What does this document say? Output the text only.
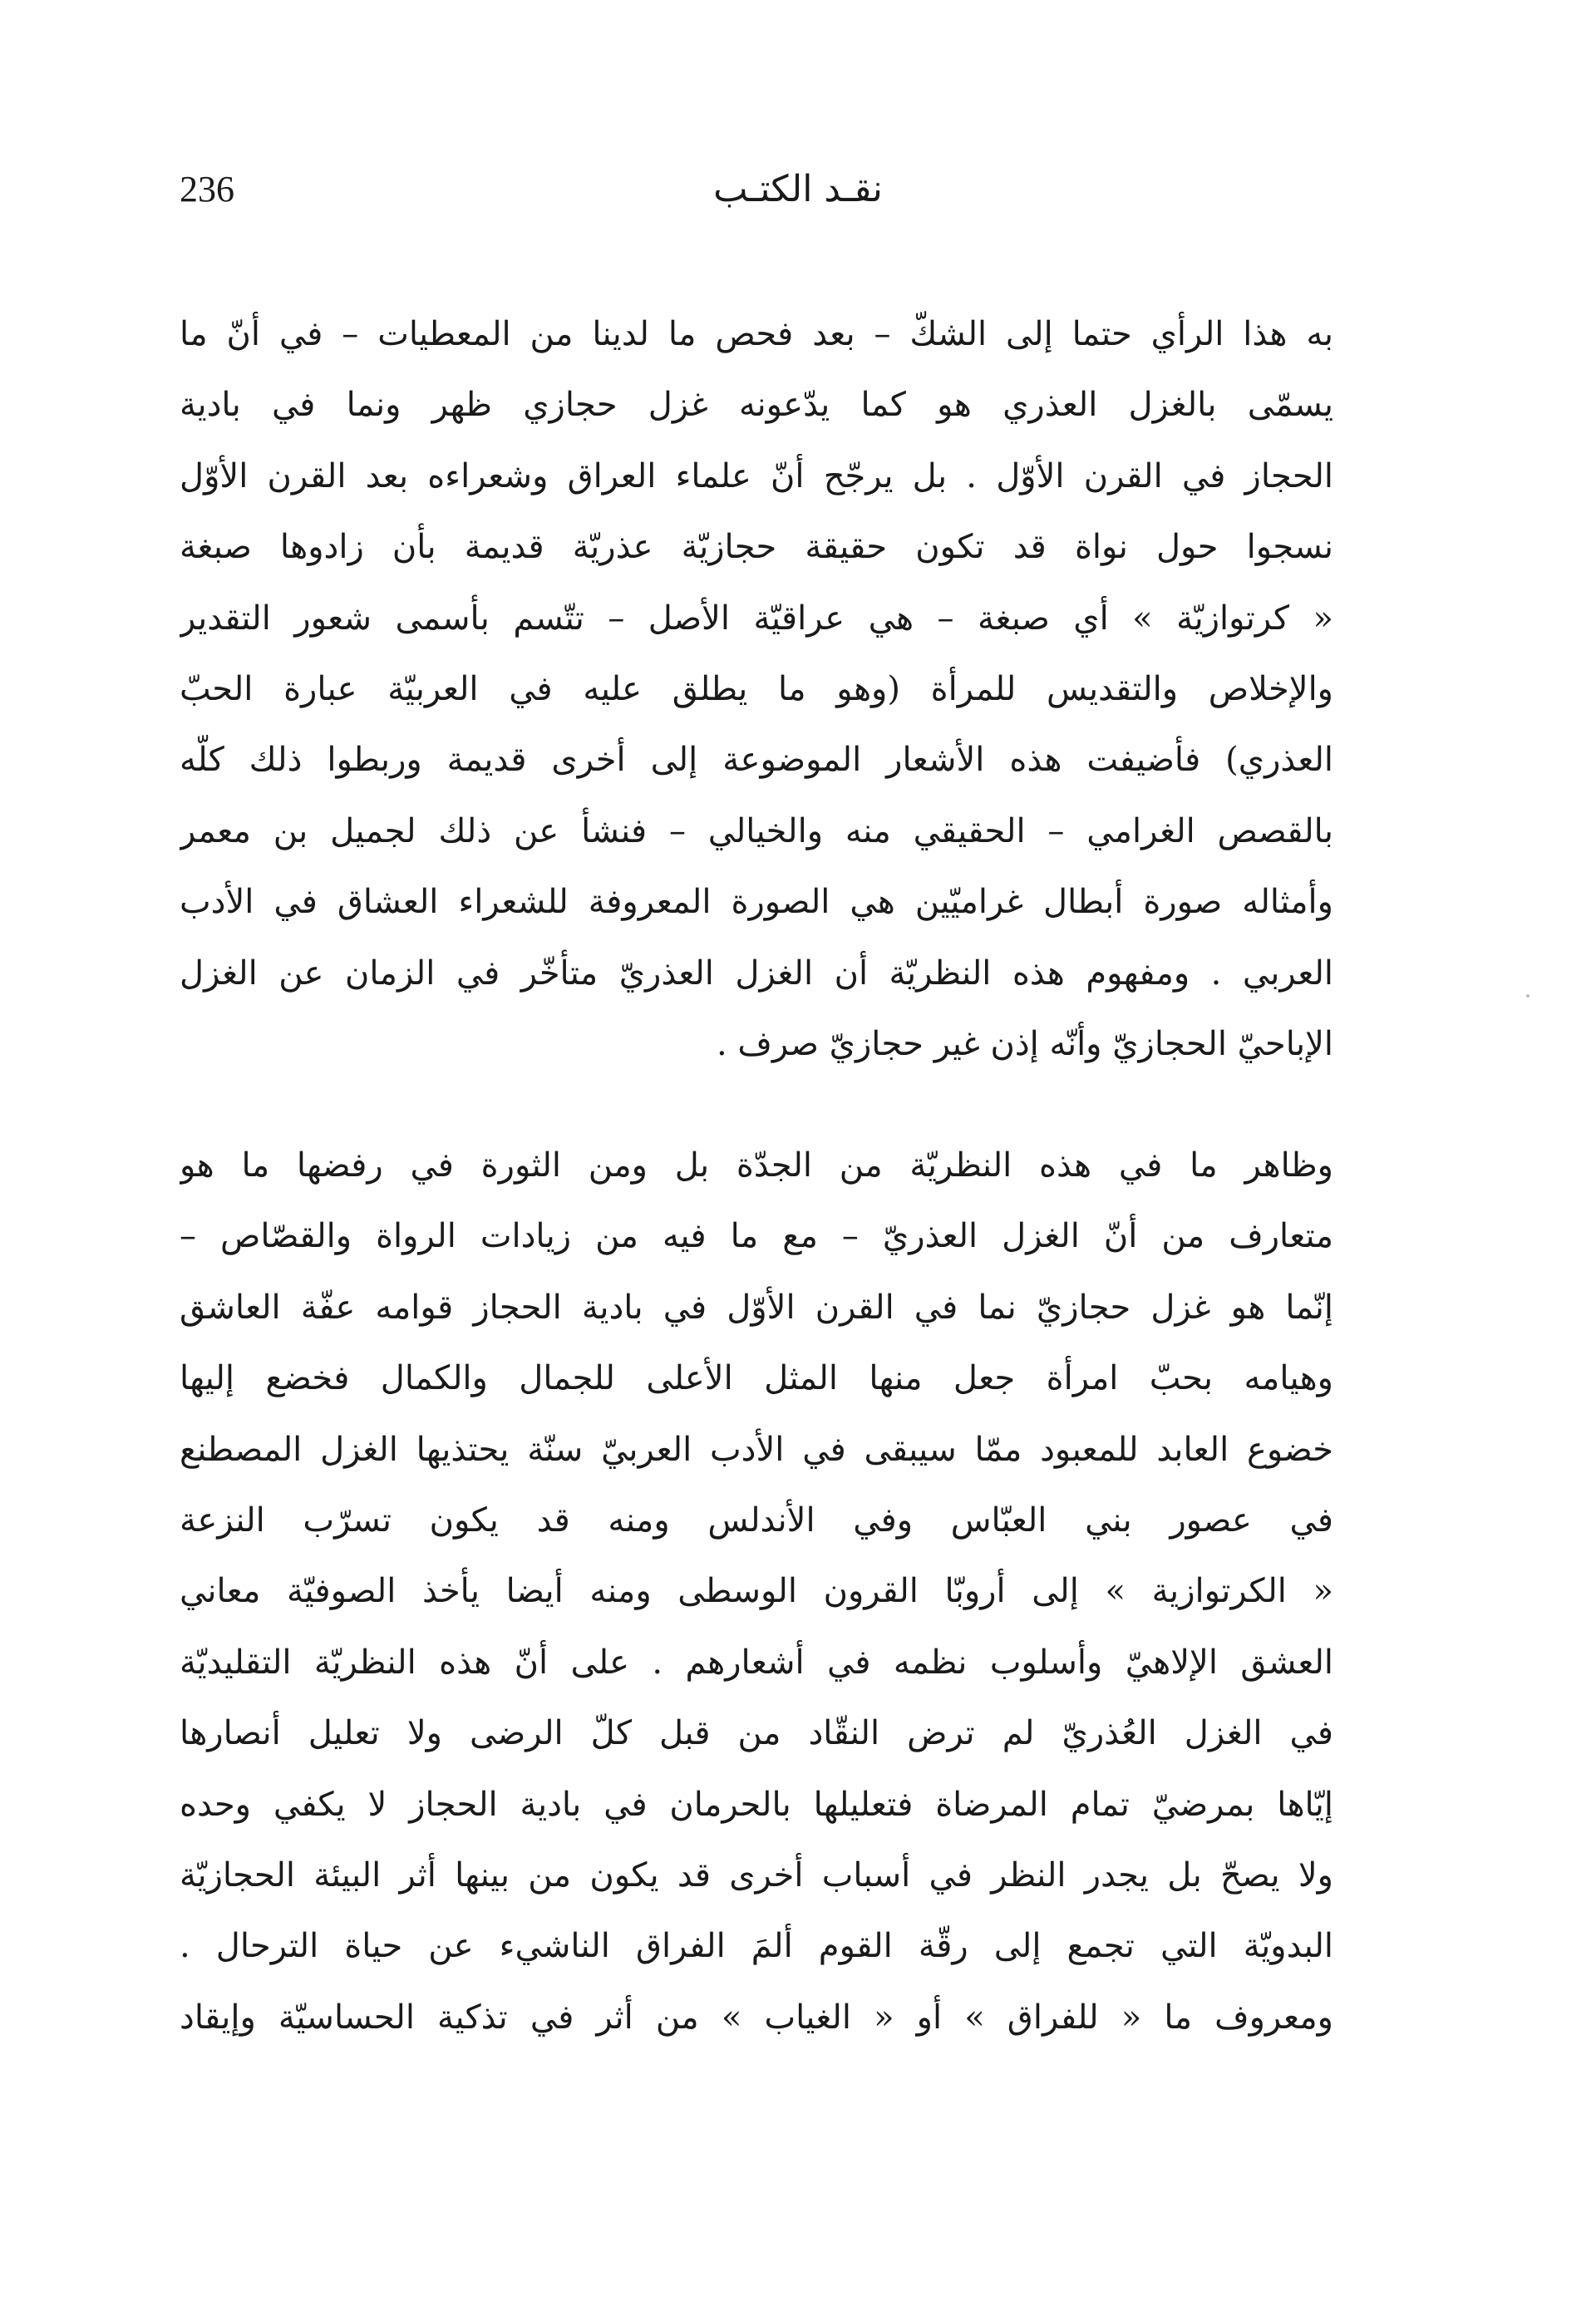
236	نقـد الكتـب
به هذا الرأي حتما إلى الشكّ – بعد فحص ما لدينا من المعطيات – في أنّ ما
يسمّى بالغزل العذري هو كما يدّعونه غزل حجازي ظهر ونما في بادية
الحجاز في القرن الأوّل . بل يرجّح أنّ علماء العراق وشعراءه بعد القرن الأوّل
نسجوا حول نواة قد تكون حقيقة حجازيّة عذريّة قديمة بأن زادوها صبغة
« كرتوازيّة » أي صبغة – هي عراقيّة الأصل – تتّسم بأسمى شعور التقدير
والإخلاص والتقديس للمرأة (وهو ما يطلق عليه في العربيّة عبارة الحبّ
العذري) فأضيفت هذه الأشعار الموضوعة إلى أخرى قديمة وربطوا ذلك كلّه
بالقصص الغرامي – الحقيقي منه والخيالي – فنشأ عن ذلك لجميل بن معمر
وأمثاله صورة أبطال غراميّين هي الصورة المعروفة للشعراء العشاق في الأدب
العربي . ومفهوم هذه النظريّة أن الغزل العذريّ متأخّر في الزمان عن الغزل
الإباحيّ الحجازيّ وأنّه إذن غير حجازيّ صرف .
وظاهر ما في هذه النظريّة من الجدّة بل ومن الثورة في رفضها ما هو
متعارف من أنّ الغزل العذريّ – مع ما فيه من زيادات الرواة والقصّاص –
إنّما هو غزل حجازيّ نما في القرن الأوّل في بادية الحجاز قوامه عفّة العاشق
وهيامه بحبّ امرأة جعل منها المثل الأعلى للجمال والكمال فخضع إليها
خضوع العابد للمعبود ممّا سيبقى في الأدب العربيّ سنّة يحتذيها الغزل المصطنع
في عصور بني العبّاس وفي الأندلس ومنه قد يكون تسرّب النزعة
« الكرتوازية » إلى أروبّا القرون الوسطى ومنه أيضا يأخذ الصوفيّة معاني
العشق الإلاهيّ وأسلوب نظمه في أشعارهم . على أنّ هذه النظريّة التقليديّة
في الغزل العُذريّ لم ترض النقّاد من قبل كلّ الرضى ولا تعليل أنصارها
إيّاها بمرضيّ تمام المرضاة فتعليلها بالحرمان في بادية الحجاز لا يكفي وحده
ولا يصحّ بل يجدر النظر في أسباب أخرى قد يكون من بينها أثر البيئة الحجازيّة
البدويّة التي تجمع إلى رقّة القوم ألمَ الفراق الناشيء عن حياة الترحال .
ومعروف ما « للفراق » أو « الغياب » من أثر في تذكية الحساسيّة وإيقاد
